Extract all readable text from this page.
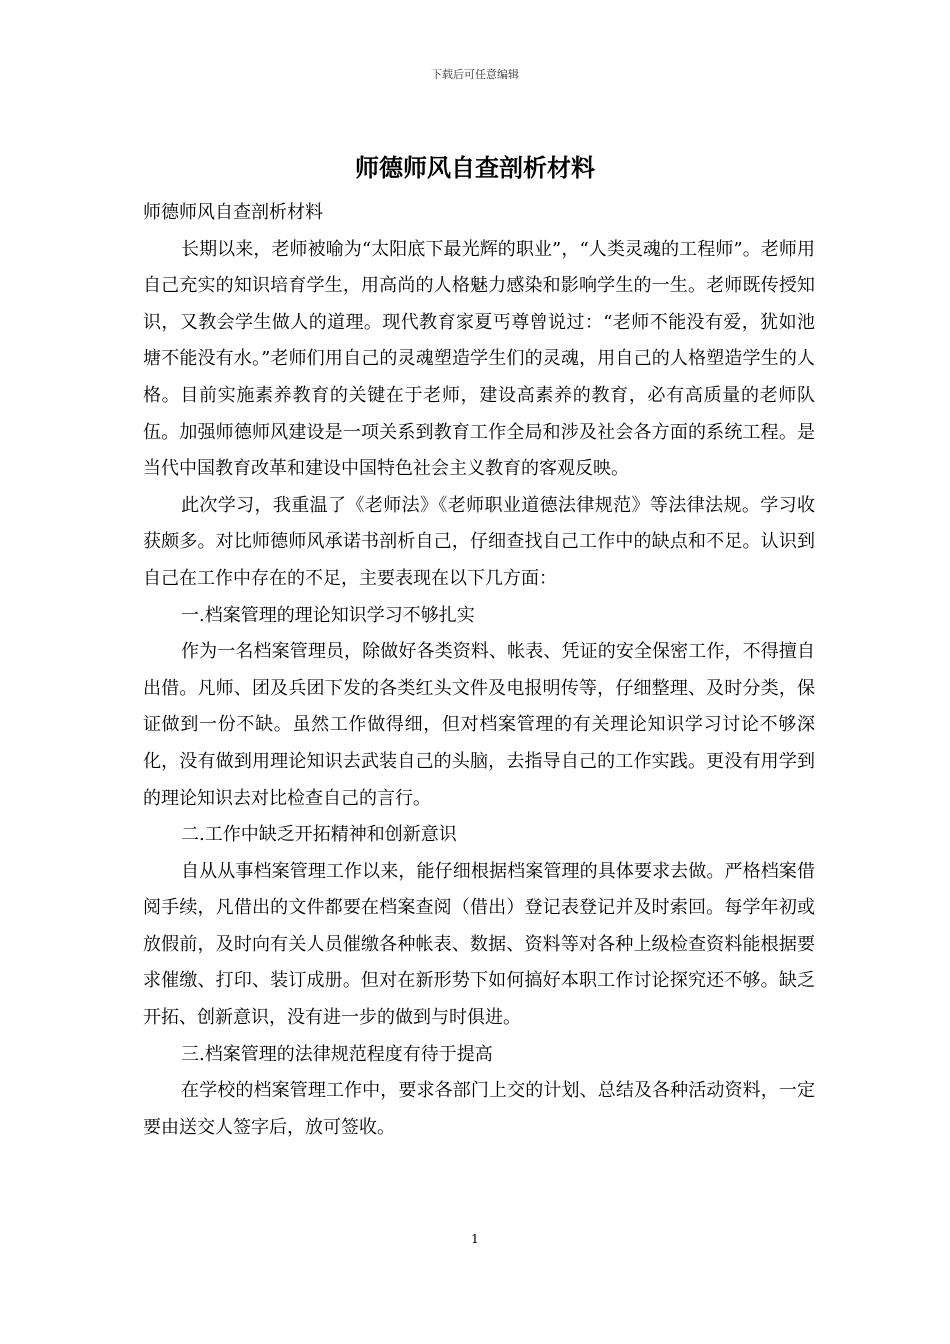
下载后可任意编辑
师德师风自查剖析材料

师德师风自查剖析材料

长期以来，老师被喻为“太阳底下最光辉的职业”，“人类灵魂的工程师”。老师用自己充实的知识培育学生，用高尚的人格魅力感染和影响学生的一生。老师既传授知识，又教会学生做人的道理。现代教育家夏丐尊曾说过：“老师不能没有爱，犹如池塘不能没有水。”老师们用自己的灵魂塑造学生们的灵魂，用自己的人格塑造学生的人格。目前实施素养教育的关键在于老师，建设高素养的教育，必有高质量的老师队伍。加强师德师风建设是一项关系到教育工作全局和涉及社会各方面的系统工程。是当代中国教育改革和建设中国特色社会主义教育的客观反映。

此次学习，我重温了《老师法》《老师职业道德法律规范》等法律法规。学习收获颇多。对比师德师风承诺书剖析自己，仔细查找自己工作中的缺点和不足。认识到自己在工作中存在的不足，主要表现在以下几方面：

一.档案管理的理论知识学习不够扎实

作为一名档案管理员，除做好各类资料、帐表、凭证的安全保密工作，不得擅自出借。凡师、团及兵团下发的各类红头文件及电报明传等，仔细整理、及时分类，保证做到一份不缺。虽然工作做得细，但对档案管理的有关理论知识学习讨论不够深化，没有做到用理论知识去武装自己的头脑，去指导自己的工作实践。更没有用学到的理论知识去对比检查自己的言行。

二.工作中缺乏开拓精神和创新意识

自从从事档案管理工作以来，能仔细根据档案管理的具体要求去做。严格档案借阅手续，凡借出的文件都要在档案查阅（借出）登记表登记并及时索回。每学年初或放假前，及时向有关人员催缴各种帐表、数据、资料等对各种上级检查资料能根据要求催缴、打印、装订成册。但对在新形势下如何搞好本职工作讨论探究还不够。缺乏开拓、创新意识，没有进一步的做到与时俱进。

三.档案管理的法律规范程度有待于提高

在学校的档案管理工作中，要求各部门上交的计划、总结及各种活动资料，一定要由送交人签字后，放可签收。

1
